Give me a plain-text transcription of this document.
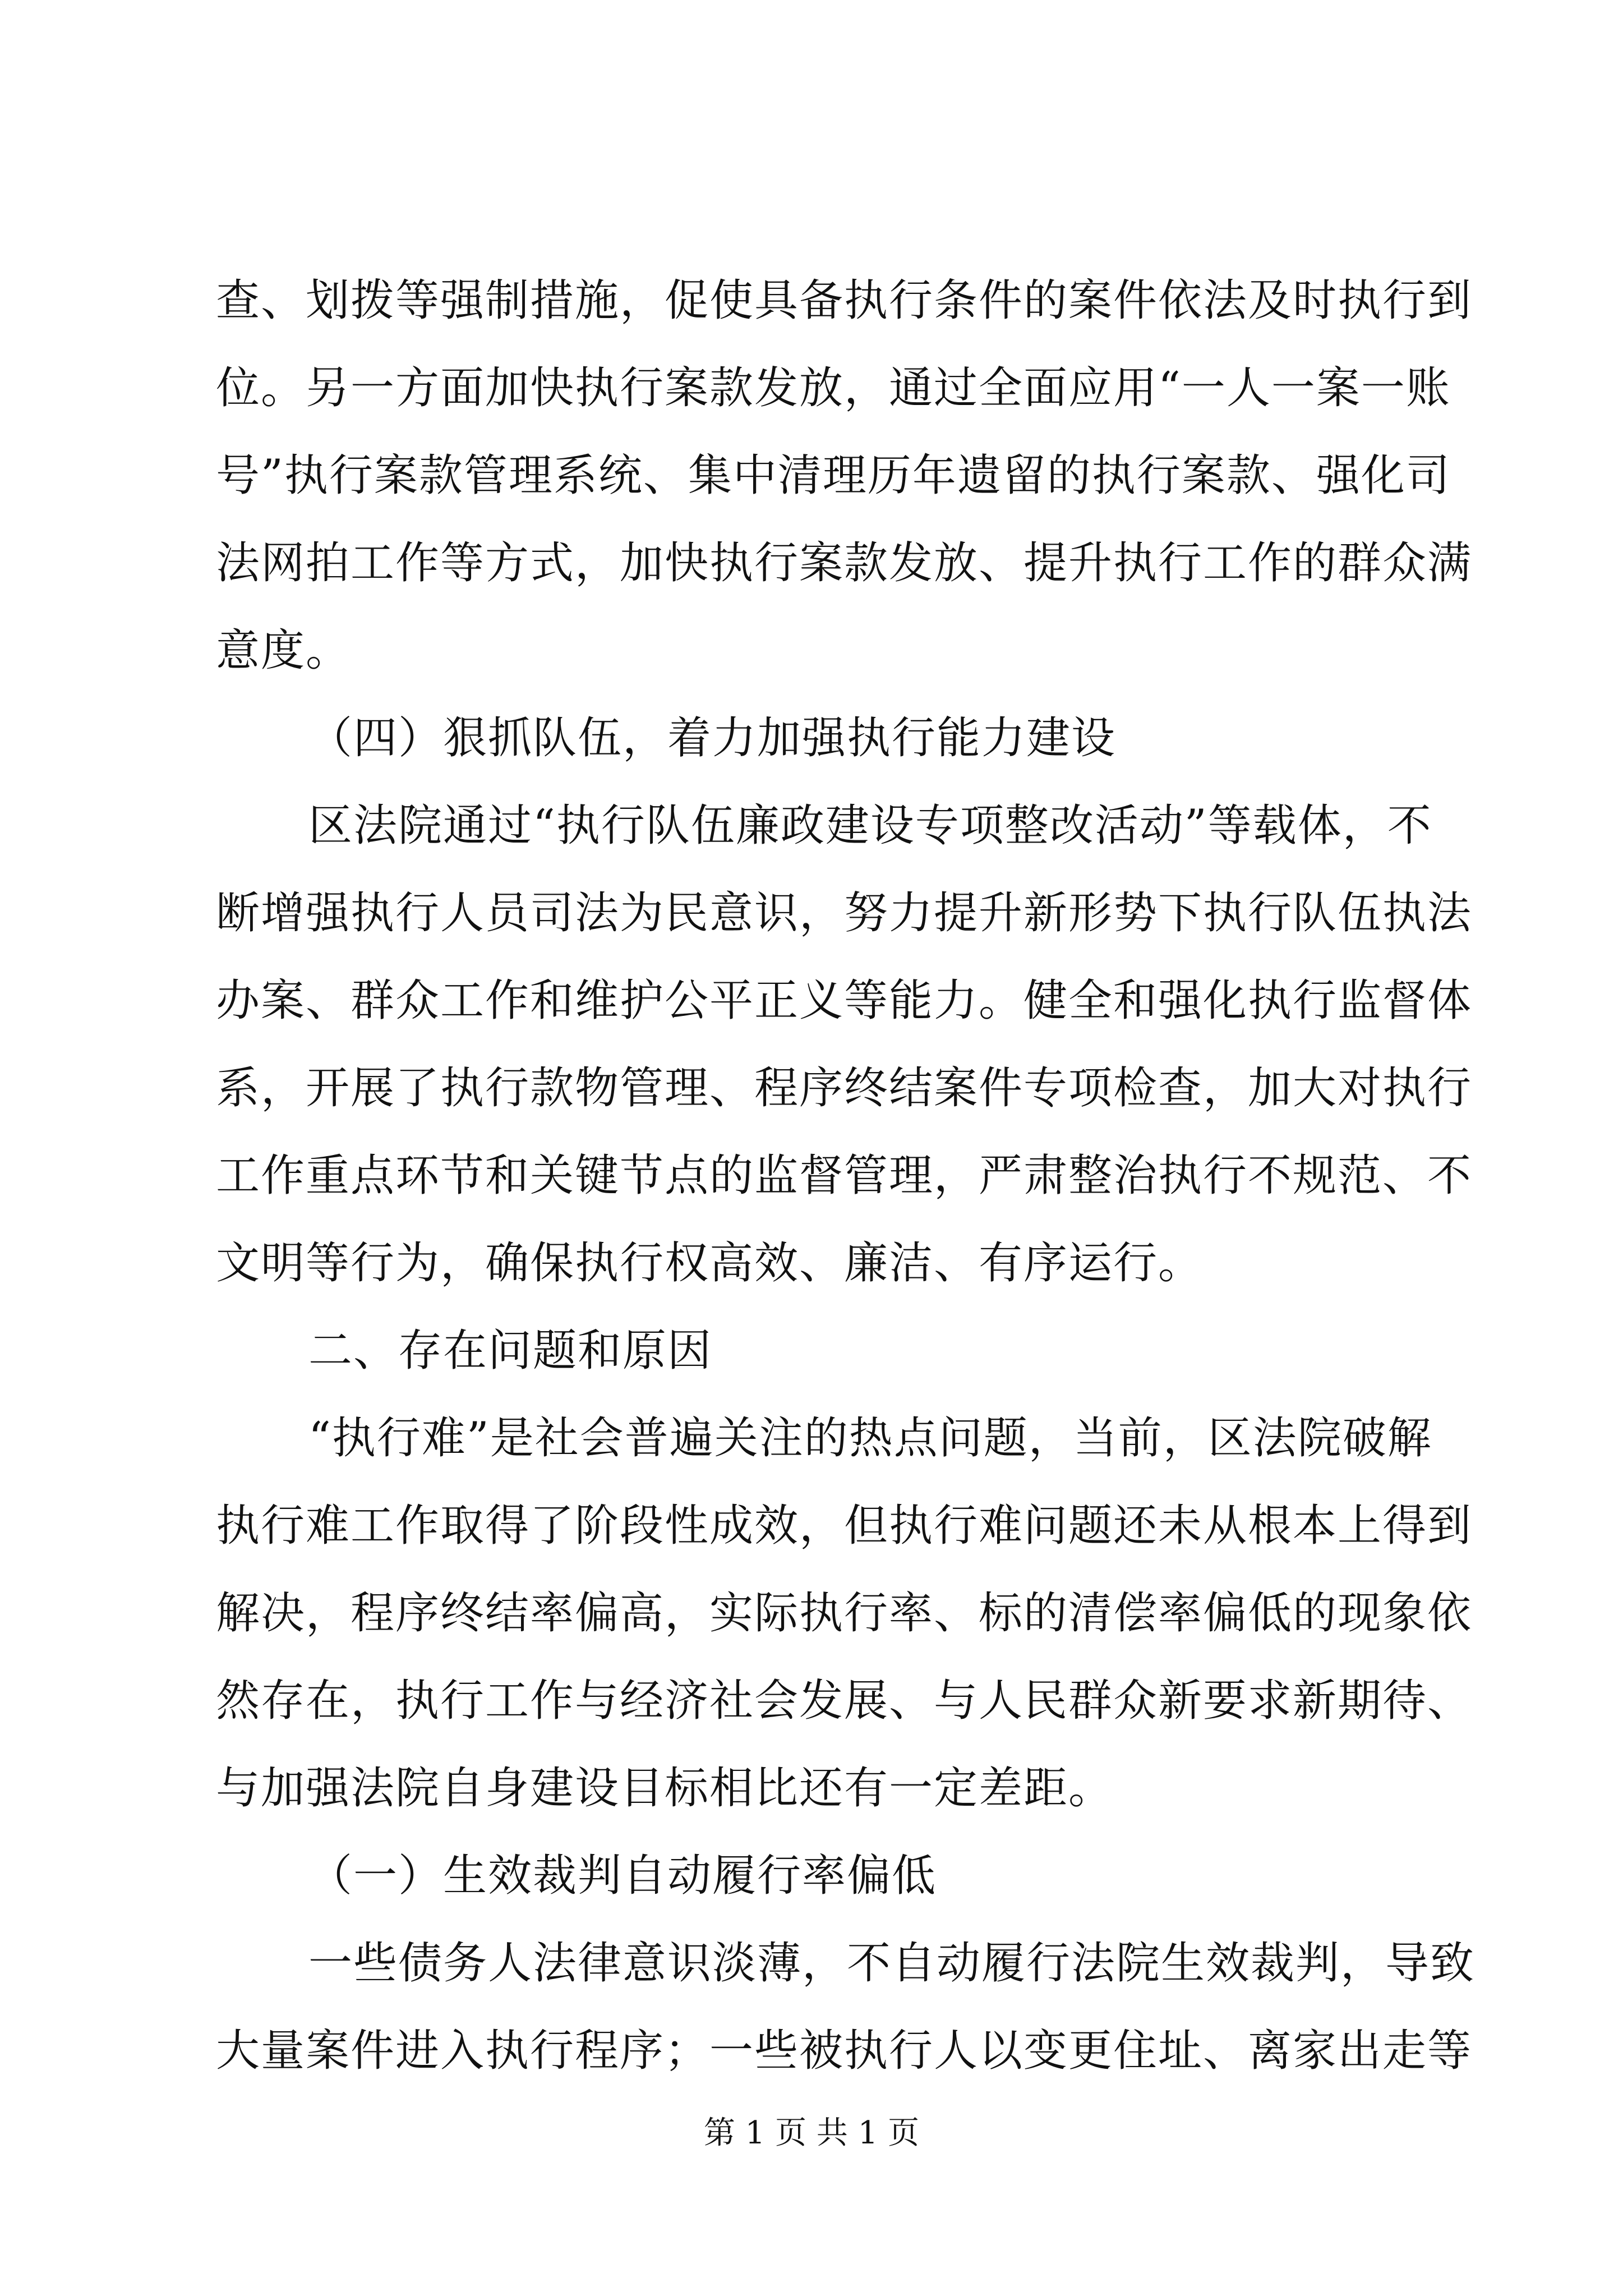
查、划拨等强制措施，促使具备执行条件的案件依法及时执行到
位。另一方面加快执行案款发放，通过全面应用“一人一案一账
号”执行案款管理系统、集中清理历年遗留的执行案款、强化司
法网拍工作等方式，加快执行案款发放、提升执行工作的群众满
意度。
（四）狠抓队伍，着力加强执行能力建设
区法院通过“执行队伍廉政建设专项整改活动”等载体，不
断增强执行人员司法为民意识，努力提升新形势下执行队伍执法
办案、群众工作和维护公平正义等能力。健全和强化执行监督体
系，开展了执行款物管理、程序终结案件专项检查，加大对执行
工作重点环节和关键节点的监督管理，严肃整治执行不规范、不
文明等行为，确保执行权高效、廉洁、有序运行。
二、存在问题和原因
“执行难”是社会普遍关注的热点问题，当前，区法院破解
执行难工作取得了阶段性成效，但执行难问题还未从根本上得到
解决，程序终结率偏高，实际执行率、标的清偿率偏低的现象依
然存在，执行工作与经济社会发展、与人民群众新要求新期待、
与加强法院自身建设目标相比还有一定差距。
（一）生效裁判自动履行率偏低
一些债务人法律意识淡薄，不自动履行法院生效裁判，导致
大量案件进入执行程序；一些被执行人以变更住址、离家出走等
第 1 页 共 1 页
